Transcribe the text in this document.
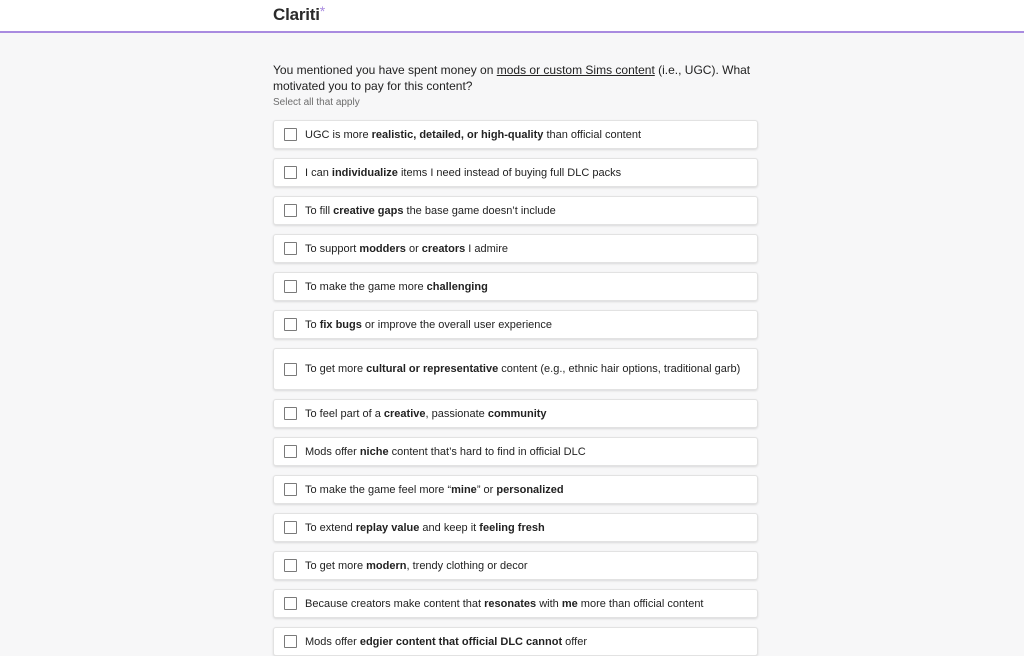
Clariti*
You mentioned you have spent money on mods or custom Sims content (i.e., UGC). What motivated you to pay for this content?
Select all that apply
UGC is more realistic, detailed, or high-quality than official content
I can individualize items I need instead of buying full DLC packs
To fill creative gaps the base game doesn’t include
To support modders or creators I admire
To make the game more challenging
To fix bugs or improve the overall user experience
To get more cultural or representative content (e.g., ethnic hair options, traditional garb)
To feel part of a creative, passionate community
Mods offer niche content that’s hard to find in official DLC
To make the game feel more “mine” or personalized
To extend replay value and keep it feeling fresh
To get more modern, trendy clothing or decor
Because creators make content that resonates with me more than official content
Mods offer edgier content that official DLC cannot offer
